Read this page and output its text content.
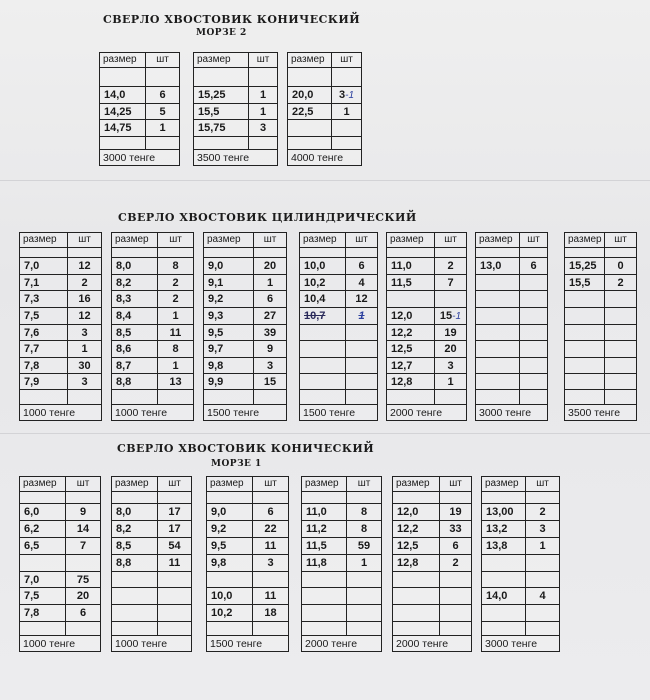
СВЕРЛО ХВОСТОВИК КОНИЧЕСКИЙ
МОРЗЕ 2
СВЕРЛО ХВОСТОВИК ЦИЛИНДРИЧЕСКИЙ
СВЕРЛО ХВОСТОВИК КОНИЧЕСКИЙ
МОРЗЕ 1
размер	шт

14,0	6
14,25	5
14,75	1

3000 тенге	
размер	шт

15,25	1
15,5	1
15,75	3

3500 тенге	
размер	шт

20,0	3-1
22,5	1

4000 тенге	
размер	шт

7,0	12
7,1	2
7,3	16
7,5	12
7,6	3
7,7	1
7,8	30
7,9	3

1000 тенге	
размер	шт

8,0	8
8,2	2
8,3	2
8,4	1
8,5	11
8,6	8
8,7	1
8,8	13

1000 тенге	
размер	шт

9,0	20
9,1	1
9,2	6
9,3	27
9,5	39
9,7	9
9,8	3
9,9	15

1500 тенге	
размер	шт

10,0	6
10,2	4
10,4	12
10,7	1

1500 тенге	
размер	шт

11,0	2
11,5	7

12,0	15-1
12,2	19
12,5	20
12,7	3
12,8	1

2000 тенге	
размер	шт

13,0	6

3000 тенге	
размер	шт

15,25	0
15,5	2

3500 тенге	
размер	шт

6,0	9
6,2	14
6,5	7

7,0	75
7,5	20
7,8	6

1000 тенге	
размер	шт

8,0	17
8,2	17
8,5	54
8,8	11

1000 тенге	
размер	шт

9,0	6
9,2	22
9,5	11
9,8	3

10,0	11
10,2	18

1500 тенге	
размер	шт

11,0	8
11,2	8
11,5	59
11,8	1

2000 тенге	
размер	шт

12,0	19
12,2	33
12,5	6
12,8	2

2000 тенге	
размер	шт

13,00	2
13,2	3
13,8	1

14,0	4

3000 тенге	
